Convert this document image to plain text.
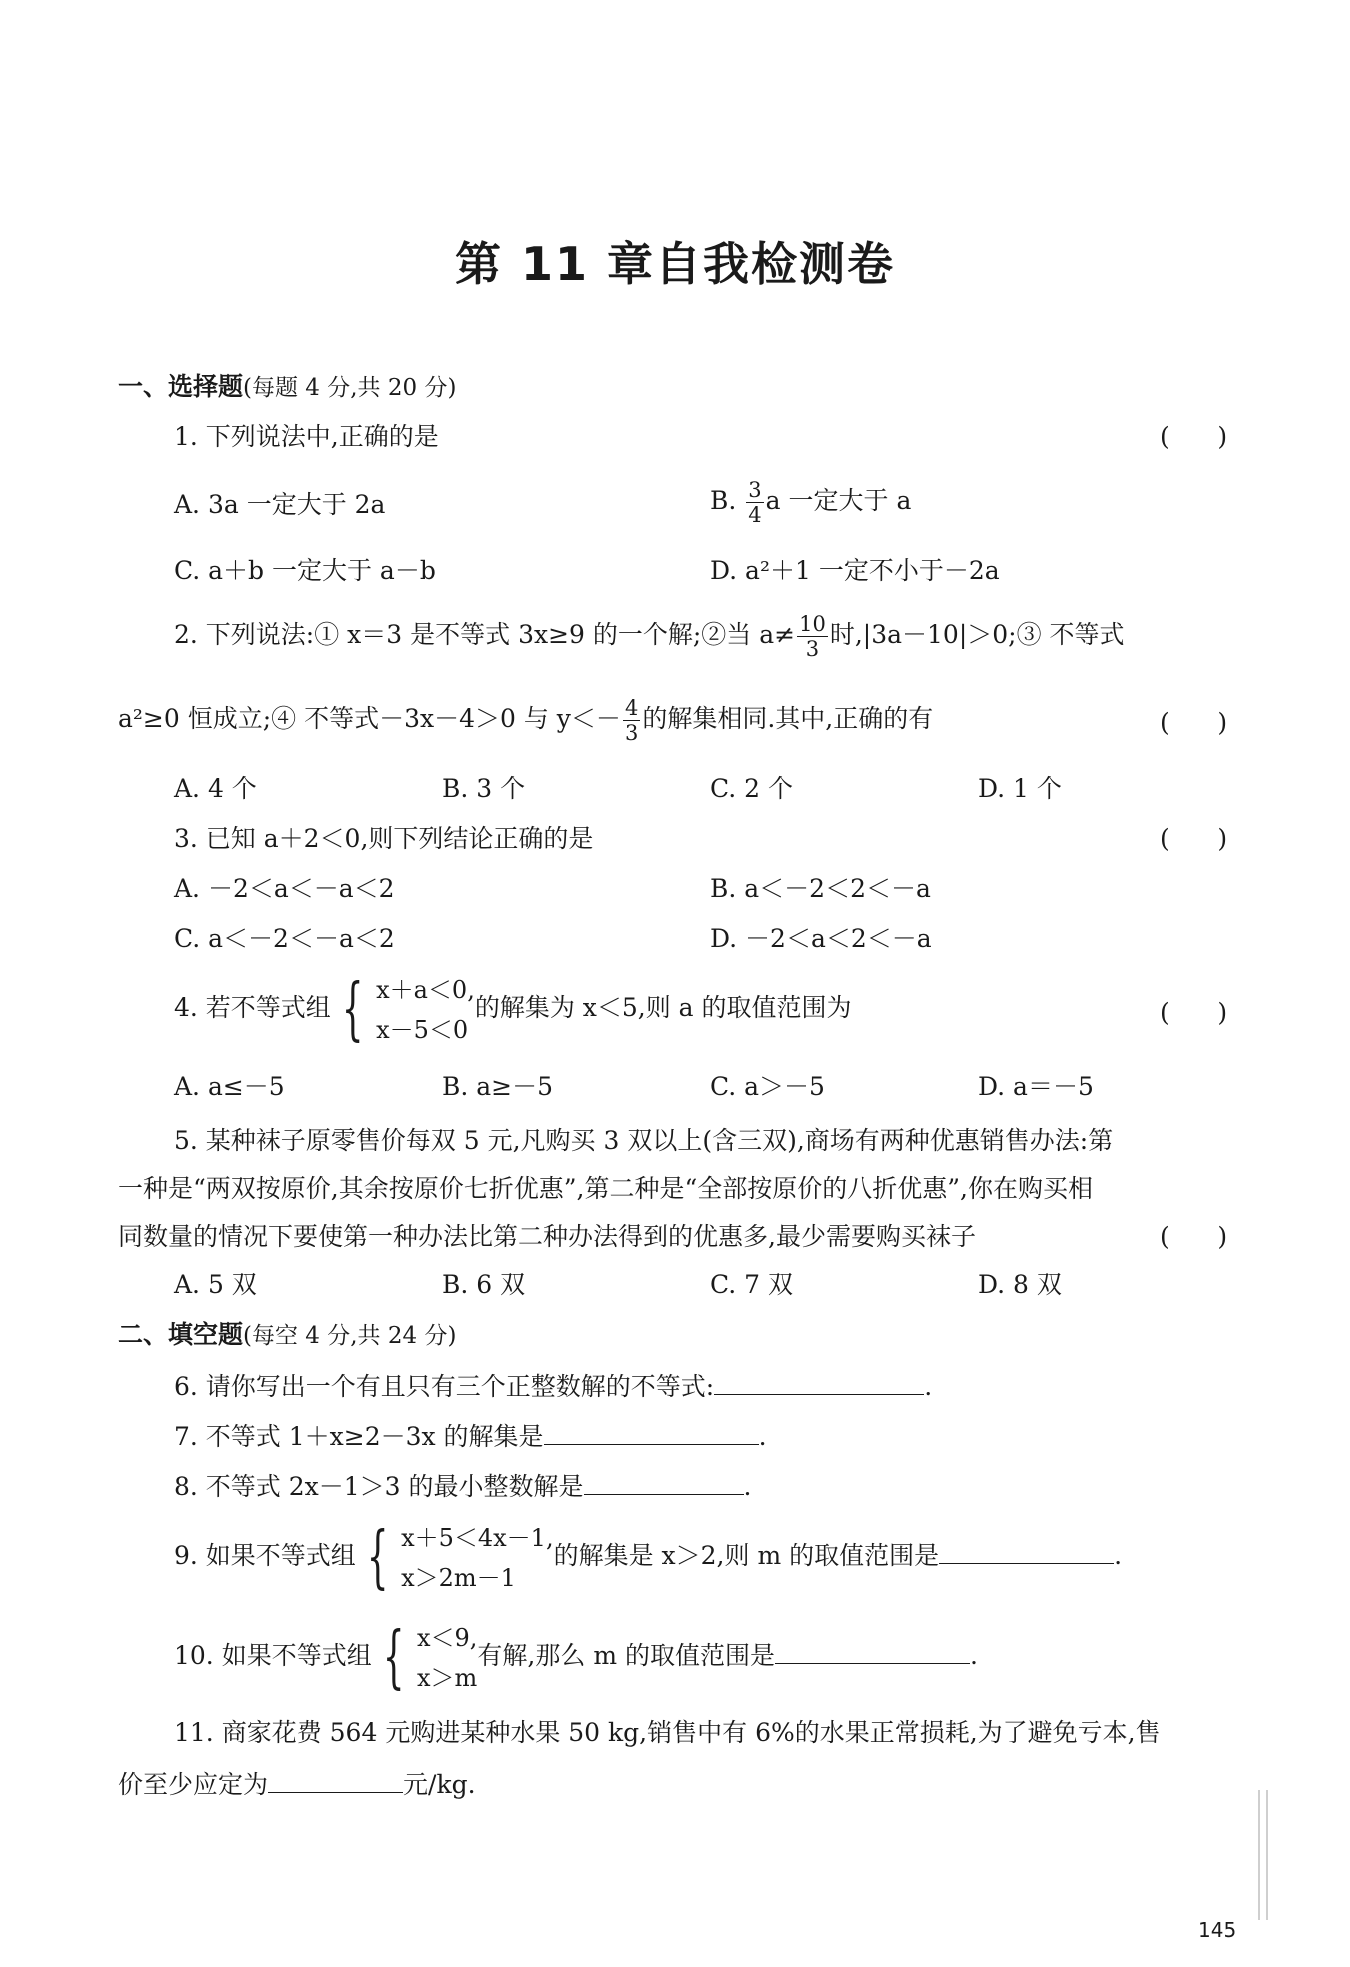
第 11 章自我检测卷
一、选择题(每题 4 分,共 20 分)
1. 下列说法中,正确的是	(      )
A. 3a 一定大于 2a	B. $\frac{3}{4}$ a 一定大于 a
C. a＋b 一定大于 a－b	D. a²＋1 一定不小于－2a
2. 下列说法:① x＝3 是不等式 3x≥9 的一个解;②当 $a\ne \frac{10}{3}$ 时,|3a－10|＞0;③ 不等式
a²≥0 恒成立;④ 不等式－3x－4＞0 与 $y<- \frac{4}{3}$ 的解集相同.其中,正确的有	(      )
A. 4 个	B. 3 个	C. 2 个	D. 1 个
3. 已知 a＋2＜0,则下列结论正确的是	(      )
A. －2＜a＜－a＜2	B. a＜－2＜2＜－a
C. a＜－2＜－a＜2	D. －2＜a＜2＜－a
4. 若不等式组 { x＋a＜0,
x－5＜0
的解集为 x＜5,则 a 的取值范围为	(      )
A. a≤－5	B. a≥－5	C. a＞－5	D. a＝－5
5. 某种袜子原零售价每双 5 元,凡购买 3 双以上(含三双),商场有两种优惠销售办法:第
一种是“两双按原价,其余按原价七折优惠”,第二种是“全部按原价的八折优惠”,你在购买相
同数量的情况下要使第一种办法比第二种办法得到的优惠多,最少需要购买袜子	(      )
A. 5 双	B. 6 双	C. 7 双	D. 8 双
二、填空题(每空 4 分,共 24 分)
6. 请你写出一个有且只有三个正整数解的不等式:	.
7. 不等式 1＋x≥2－3x 的解集是	.
8. 不等式 2x－1＞3 的最小整数解是	.
9. 如果不等式组 { x＋5＜4x－1,
x＞2m－1
的解集是 x＞2,则 m 的取值范围是	.
10. 如果不等式组 { x＜9,
x＞m
有解,那么 m 的取值范围是	.
11. 商家花费 564 元购进某种水果 50 kg,销售中有 6%的水果正常损耗,为了避免亏本,售
价至少应定为	元/kg.
145
